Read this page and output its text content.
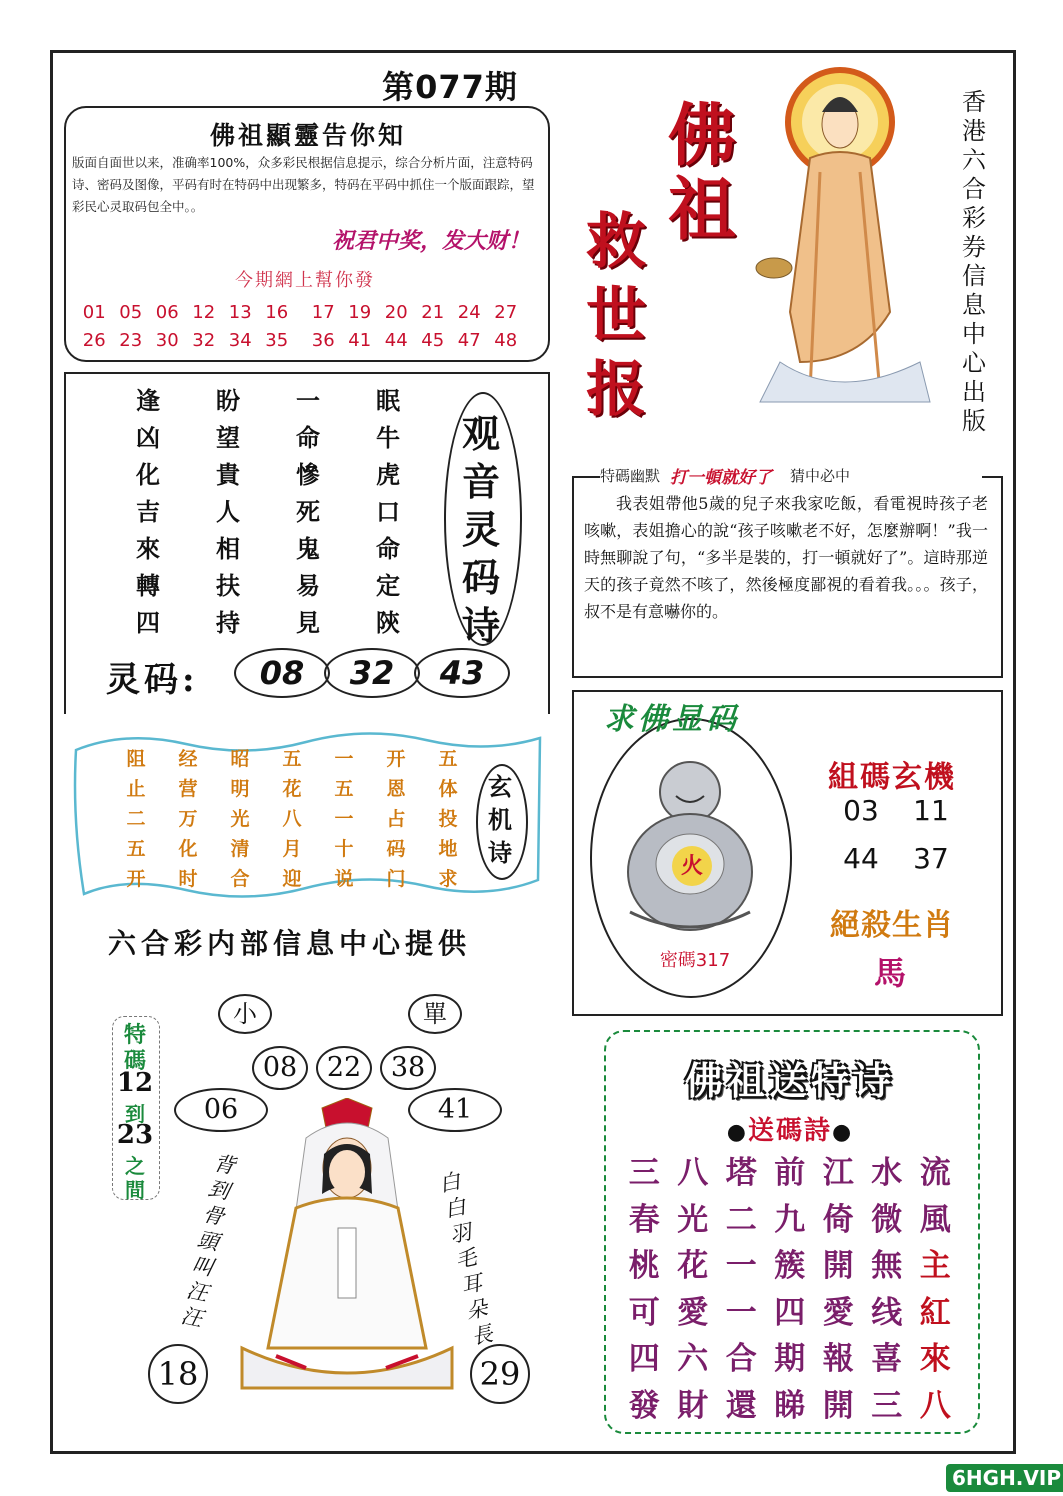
第077期
佛祖顯靈告你知
版面自面世以来，准确率100%，众多彩民根据信息提示，综合分析片面，注意特码诗、密码及图像，平码有时在特码中出现繁多，特码在平码中抓住一个版面跟踪，望彩民心灵取码包全中。。
祝君中奖，发大财！
今期網上幫你發
01 05 06 12 13 16	17 19 20 21 24 27
26 23 30 32 34 35	36 41 44 45 47 48
佛
祖
救
世
报
香港六合彩券信息中心出版
特碼幽默 打一頓就好了 猜中必中
我表姐帶他5歲的兒子來我家吃飯，看電視時孩子老咳嗽，表姐擔心的說“孩子咳嗽老不好，怎麼辦啊！”我一時無聊說了句，“多半是裝的，打一頓就好了”。這時那逆天的孩子竟然不咳了，然後極度鄙視的看着我。。。孩子，叔不是有意嚇你的。
逢	盼	一	眠
凶	望	命	牛
化	貴	慘	虎
吉	人	死	口
來	相	鬼	命
轉	扶	易	定
四	持	見	陝
观
音
灵
码
诗
灵码:	08	32	43
阻	经	昭	五	一	开	五
止	营	明	花	五	恩	体
二	万	光	八	一	占	投
五	化	清	月	十	码	地
开	时	合	迎	说	门	求
玄
机
诗
六合彩内部信息中心提供
求佛显码
火
密碼317
組碼玄機
03	11
44	37
絕殺生肖
馬
小	單
08	22	38
06	41
特
碼
12
到
23
之
間
背到骨頭叫汪汪
白白羽毛耳朵長
18	29
佛祖送特诗
●送碼詩●
三 八 塔 前 江 水 流
春 光 二 九 倚 微 風
桃 花 一 簇 開 無 主
可 愛 一 四 愛 线 紅
四 六 合 期 報 喜 來
發 財 還 睇 開 三 八
6HGH.VIP
